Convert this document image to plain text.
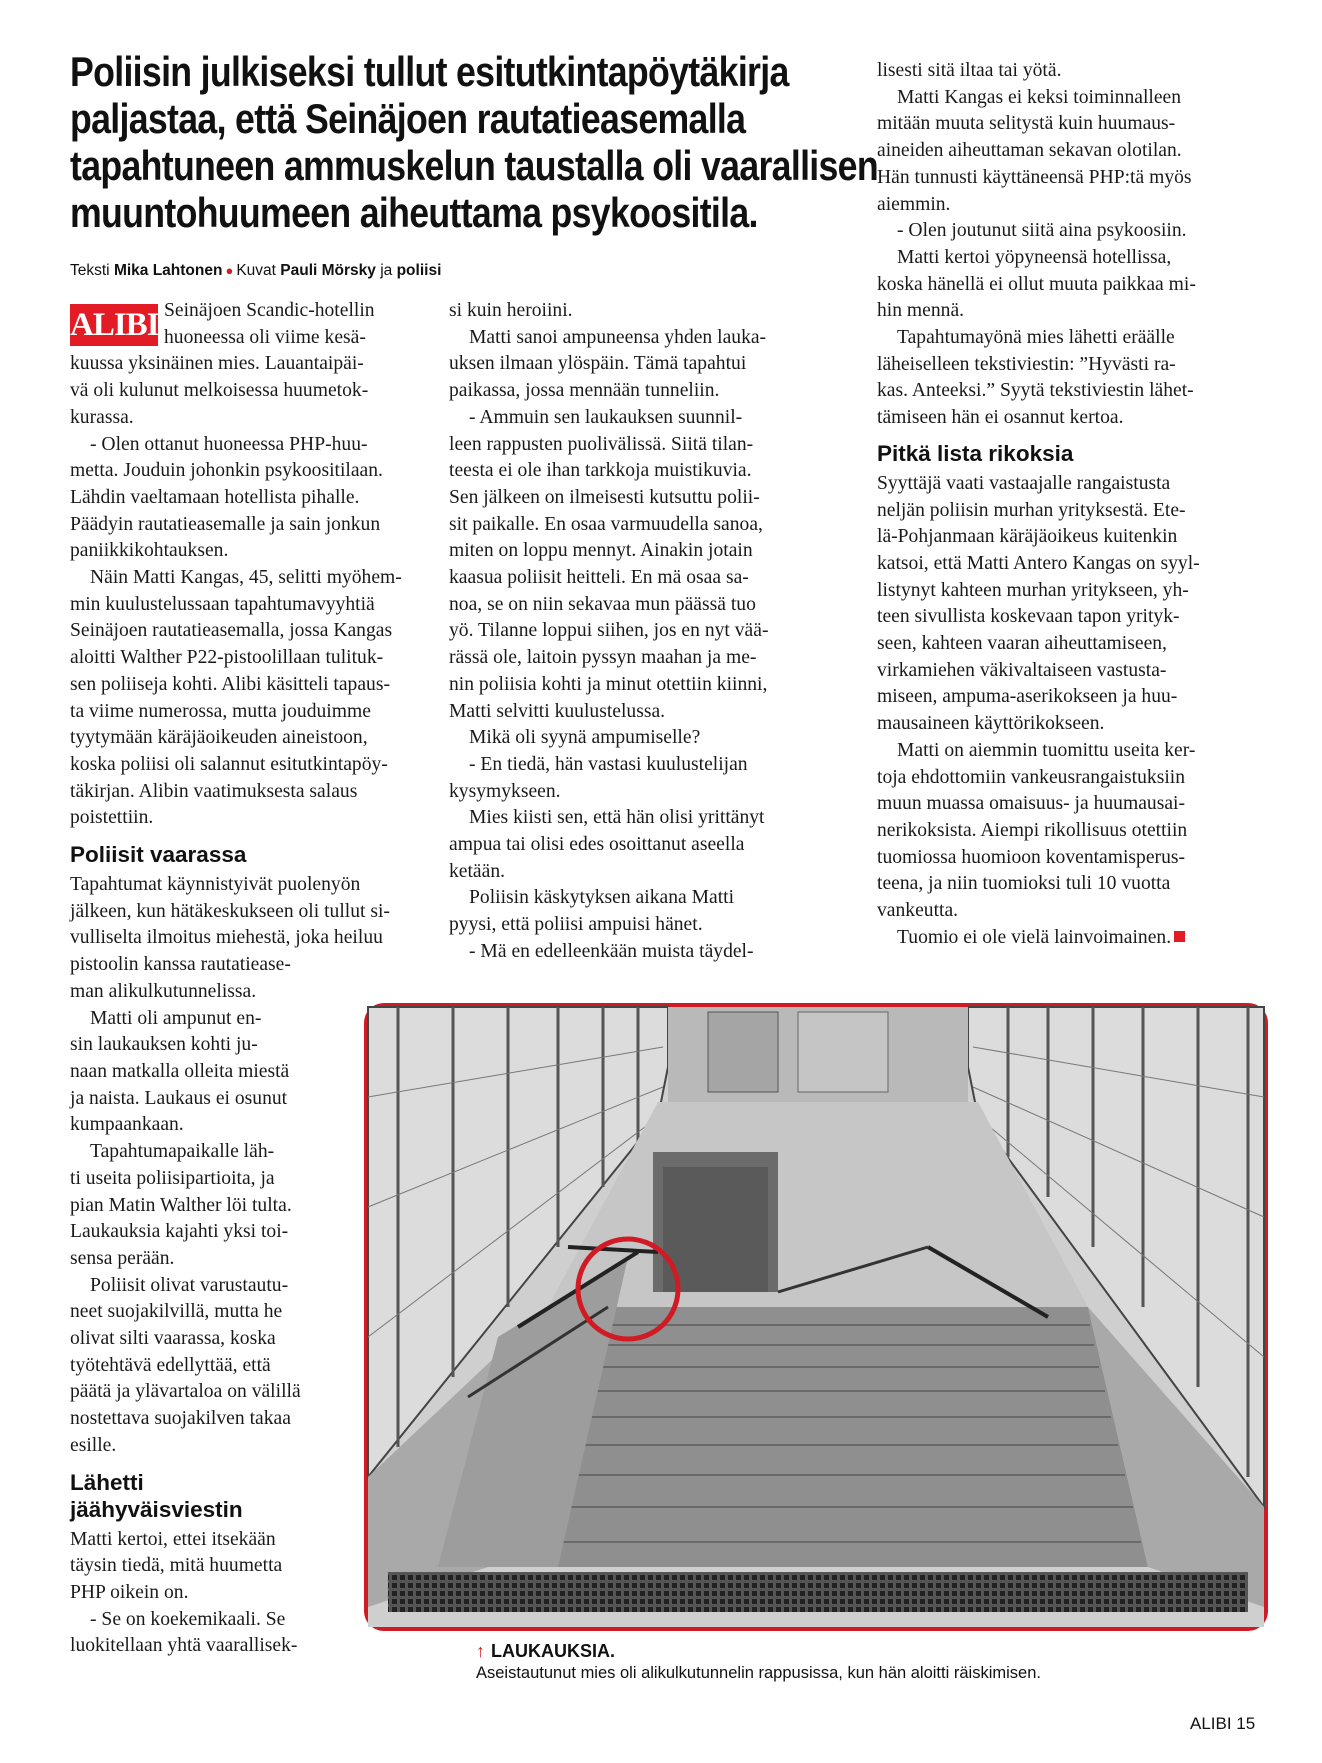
Poliisin julkiseksi tullut esitutkintapöytäkirja
paljastaa, että Seinäjoen rautatieasemalla
tapahtuneen ammuskelun taustalla oli vaarallisen
muuntohuumeen aiheuttama psykoositila.
Teksti Mika Lahtonen ● Kuvat Pauli Mörsky ja poliisi
ALIBI Seinäjoen Scandic-hotellin

huoneessa oli viime kesä-

kuussa yksinäinen mies. Lauantaipäi-

vä oli kulunut melkoisessa huumetok-

kurassa.

- Olen ottanut huoneessa PHP-huu-

metta. Jouduin johonkin psykoositilaan.

Lähdin vaeltamaan hotellista pihalle.

Päädyin rautatieasemalle ja sain jonkun

paniikkikohtauksen.

Näin Matti Kangas, 45, selitti myöhem-

min kuulustelussaan tapahtumavyyhtiä

Seinäjoen rautatieasemalla, jossa Kangas

aloitti Walther P22-pistoolillaan tulituk-

sen poliiseja kohti. Alibi käsitteli tapaus-

ta viime numerossa, mutta jouduimme

tyytymään käräjäoikeuden aineistoon,

koska poliisi oli salannut esitutkintapöy-

täkirjan. Alibin vaatimuksesta salaus

poistettiin.

Poliisit vaarassa

Tapahtumat käynnistyivät puolenyön

jälkeen, kun hätäkeskukseen oli tullut si-

vulliselta ilmoitus miehestä, joka heiluu

pistoolin kanssa rautatiease-

man alikulkutunnelissa.

Matti oli ampunut en-

sin laukauksen kohti ju-

naan matkalla olleita miestä

ja naista. Laukaus ei osunut

kumpaankaan.

Tapahtumapaikalle läh-

ti useita poliisipartioita, ja

pian Matin Walther löi tulta.

Laukauksia kajahti yksi toi-

sensa perään.

Poliisit olivat varustautu-

neet suojakilvillä, mutta he

olivat silti vaarassa, koska

työtehtävä edellyttää, että

päätä ja ylävartaloa on välillä

nostettava suojakilven takaa

esille.

Lähetti
jäähyväisviestin

Matti kertoi, ettei itsekään

täysin tiedä, mitä huumetta

PHP oikein on.

- Se on koekemikaali. Se

luokitellaan yhtä vaarallisek-

si kuin heroiini.

Matti sanoi ampuneensa yhden lauka-

uksen ilmaan ylöspäin. Tämä tapahtui

paikassa, jossa mennään tunneliin.

- Ammuin sen laukauksen suunnil-

leen rappusten puolivälissä. Siitä tilan-

teesta ei ole ihan tarkkoja muistikuvia.

Sen jälkeen on ilmeisesti kutsuttu polii-

sit paikalle. En osaa varmuudella sanoa,

miten on loppu mennyt. Ainakin jotain

kaasua poliisit heitteli. En mä osaa sa-

noa, se on niin sekavaa mun päässä tuo

yö. Tilanne loppui siihen, jos en nyt vää-

rässä ole, laitoin pyssyn maahan ja me-

nin poliisia kohti ja minut otettiin kiinni,

Matti selvitti kuulustelussa.

Mikä oli syynä ampumiselle?

- En tiedä, hän vastasi kuulustelijan

kysymykseen.

Mies kiisti sen, että hän olisi yrittänyt

ampua tai olisi edes osoittanut aseella

ketään.

Poliisin käskytyksen aikana Matti

pyysi, että poliisi ampuisi hänet.

- Mä en edelleenkään muista täydel-

lisesti sitä iltaa tai yötä.

Matti Kangas ei keksi toiminnalleen

mitään muuta selitystä kuin huumaus-

aineiden aiheuttaman sekavan olotilan.

Hän tunnusti käyttäneensä PHP:tä myös

aiemmin.

- Olen joutunut siitä aina psykoosiin.

Matti kertoi yöpyneensä hotellissa,

koska hänellä ei ollut muuta paikkaa mi-

hin mennä.

Tapahtumayönä mies lähetti eräälle

läheiselleen tekstiviestin: ”Hyvästi ra-

kas. Anteeksi.” Syytä tekstiviestin lähet-

tämiseen hän ei osannut kertoa.

Pitkä lista rikoksia

Syyttäjä vaati vastaajalle rangaistusta

neljän poliisin murhan yrityksestä. Ete-

lä-Pohjanmaan käräjäoikeus kuitenkin

katsoi, että Matti Antero Kangas on syyl-

listynyt kahteen murhan yritykseen, yh-

teen sivullista koskevaan tapon yrityk-

seen, kahteen vaaran aiheuttamiseen,

virkamiehen väkivaltaiseen vastusta-

miseen, ampuma-aserikokseen ja huu-

mausaineen käyttörikokseen.

Matti on aiemmin tuomittu useita ker-

toja ehdottomiin vankeusrangaistuksiin

muun muassa omaisuus- ja huumausai-

nerikoksista. Aiempi rikollisuus otettiin

tuomiossa huomioon koventamisperus-

teena, ja niin tuomioksi tuli 10 vuotta

vankeutta.

Tuomio ei ole vielä lainvoimainen.

↑ LAUKAUKSIA.
Aseistautunut mies oli alikulkutunnelin rappusissa, kun hän aloitti räiskimisen.
ALIBI 15
